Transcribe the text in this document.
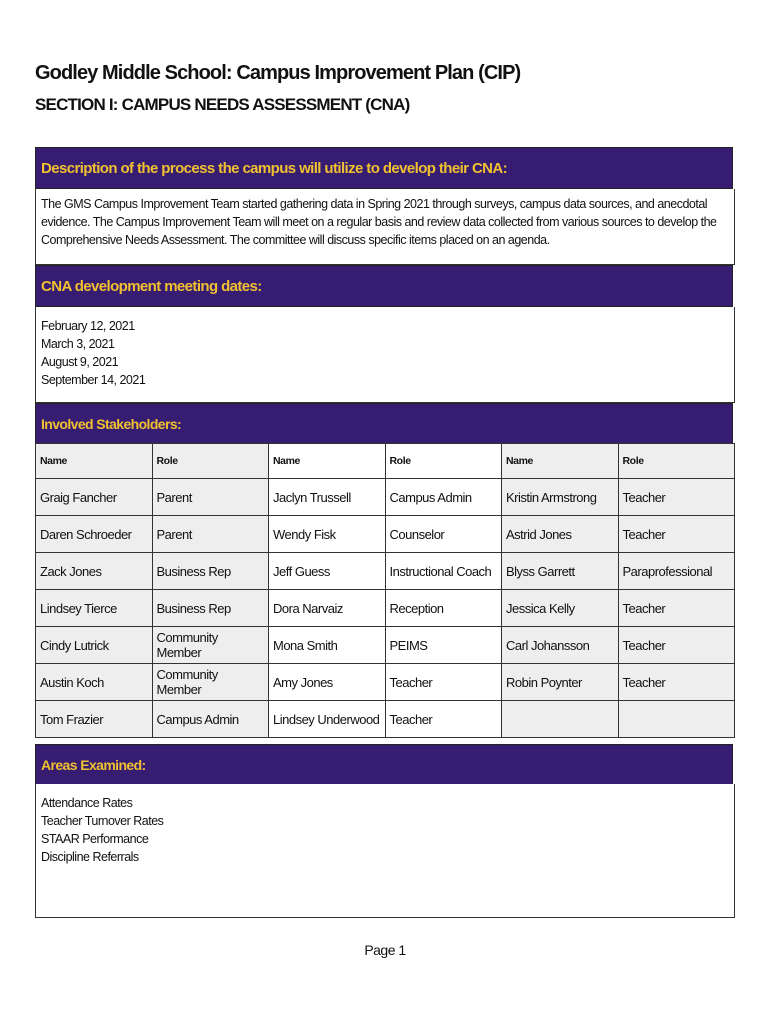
Godley Middle School: Campus Improvement Plan (CIP)
SECTION I: CAMPUS NEEDS ASSESSMENT (CNA)
Description of the process the campus will utilize to develop their CNA:
The GMS Campus Improvement Team started gathering data in Spring 2021 through surveys, campus data sources, and anecdotal evidence. The Campus Improvement Team will meet on a regular basis and review data collected from various sources to develop the Comprehensive Needs Assessment. The committee will discuss specific items placed on an agenda.
CNA development meeting dates:
February 12, 2021
March 3, 2021
August 9, 2021
September 14, 2021
Involved Stakeholders:
Name	Role	Name	Role	Name	Role
Graig Fancher	Parent	Jaclyn Trussell	Campus Admin	Kristin Armstrong	Teacher
Daren Schroeder	Parent	Wendy Fisk	Counselor	Astrid Jones	Teacher
Zack Jones	Business Rep	Jeff Guess	Instructional Coach	Blyss Garrett	Paraprofessional
Lindsey Tierce	Business Rep	Dora Narvaiz	Reception	Jessica Kelly	Teacher
Cindy Lutrick	Community Member	Mona Smith	PEIMS	Carl Johansson	Teacher
Austin Koch	Community Member	Amy Jones	Teacher	Robin Poynter	Teacher
Tom Frazier	Campus Admin	Lindsey Underwood	Teacher		
Areas Examined:
Attendance Rates
Teacher Turnover Rates
STAAR Performance
Discipline Referrals
Page 1
